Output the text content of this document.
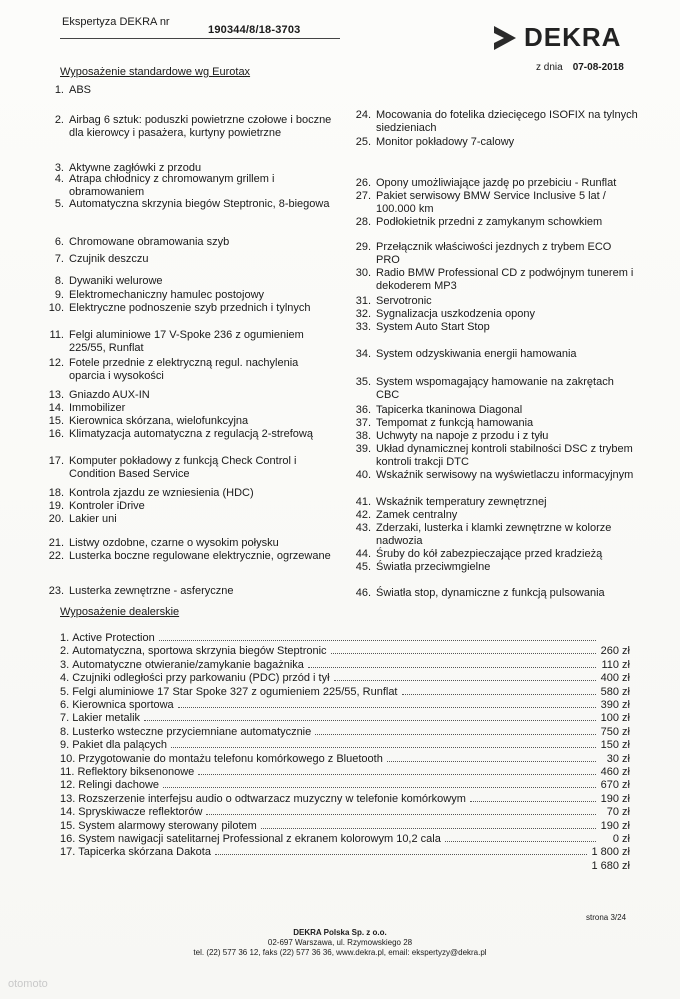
Ekspertyza DEKRA nr
190344/8/18-3703	DEKRA
z dnia 07-08-2018
Wyposażenie standardowe wg Eurotax
1. ABS
2. Airbag 6 sztuk: poduszki powietrzne czołowe i boczne dla kierowcy i pasażera, kurtyny powietrzne
3. Aktywne zagłówki z przodu
4. Atrapa chłodnicy z chromowanym grillem i obramowaniem
5. Automatyczna skrzynia biegów Steptronic, 8-biegowa
6. Chromowane obramowania szyb
7. Czujnik deszczu
8. Dywaniki welurowe
9. Elektromechaniczny hamulec postojowy
10. Elektryczne podnoszenie szyb przednich i tylnych
11. Felgi aluminiowe 17 V-Spoke 236 z ogumieniem 225/55, Runflat
12. Fotele przednie z elektryczną regul. nachylenia oparcia i wysokości
13. Gniazdo AUX-IN
14. Immobilizer
15. Kierownica skórzana, wielofunkcyjna
16. Klimatyzacja automatyczna z regulacją 2-strefową
17. Komputer pokładowy z funkcją Check Control i Condition Based Service
18. Kontrola zjazdu ze wzniesienia (HDC)
19. Kontroler iDrive
20. Lakier uni
21. Listwy ozdobne, czarne o wysokim połysku
22. Lusterka boczne regulowane elektrycznie, ogrzewane
23. Lusterka zewnętrzne - asferyczne
24. Mocowania do fotelika dziecięcego ISOFIX na tylnych siedzieniach
25. Monitor pokładowy 7-calowy
26. Opony umożliwiające jazdę po przebiciu - Runflat
27. Pakiet serwisowy BMW Service Inclusive 5 lat / 100.000 km
28. Podłokietnik przedni z zamykanym schowkiem
29. Przełącznik właściwości jezdnych z trybem ECO PRO
30. Radio BMW Professional CD z podwójnym tunerem i dekoderem MP3
31. Servotronic
32. Sygnalizacja uszkodzenia opony
33. System Auto Start Stop
34. System odzyskiwania energii hamowania
35. System wspomagający hamowanie na zakrętach CBC
36. Tapicerka tkaninowa Diagonal
37. Tempomat z funkcją hamowania
38. Uchwyty na napoje z przodu i z tyłu
39. Układ dynamicznej kontroli stabilności DSC z trybem kontroli trakcji DTC
40. Wskaźnik serwisowy na wyświetlaczu informacyjnym
41. Wskaźnik temperatury zewnętrznej
42. Zamek centralny
43. Zderzaki, lusterka i klamki zewnętrzne w kolorze nadwozia
44. Śruby do kół zabezpieczające przed kradzieżą
45. Światła przeciwmgielne
46. Światła stop, dynamiczne z funkcją pulsowania
Wyposażenie dealerskie
1. Active Protection
2. Automatyczna, sportowa skrzynia biegów Steptronic	260 zł
3. Automatyczne otwieranie/zamykanie bagażnika	110 zł
4. Czujniki odległości przy parkowaniu (PDC) przód i tył	400 zł
5. Felgi aluminiowe 17 Star Spoke 327 z ogumieniem 225/55, Runflat	580 zł
6. Kierownica sportowa	390 zł
7. Lakier metalik	100 zł
8. Lusterko wsteczne przyciemniane automatycznie	750 zł
9. Pakiet dla palących	150 zł
10. Przygotowanie do montażu telefonu komórkowego z Bluetooth	30 zł
11. Reflektory biksenonowe	460 zł
12. Relingi dachowe	670 zł
13. Rozszerzenie interfejsu audio o odtwarzacz muzyczny w telefonie komórkowym	190 zł
14. Spryskiwacze reflektorów	70 zł
15. System alarmowy sterowany pilotem	190 zł
16. System nawigacji satelitarnej Professional z ekranem kolorowym 10,2 cala	0 zł
17. Tapicerka skórzana Dakota	1 800 zł
1 680 zł
strona 3/24
DEKRA Polska Sp. z o.o.
02-697 Warszawa, ul. Rzymowskiego 28
tel. (22) 577 36 12, faks (22) 577 36 36, www.dekra.pl, email: ekspertyzy@dekra.pl
otomoto
